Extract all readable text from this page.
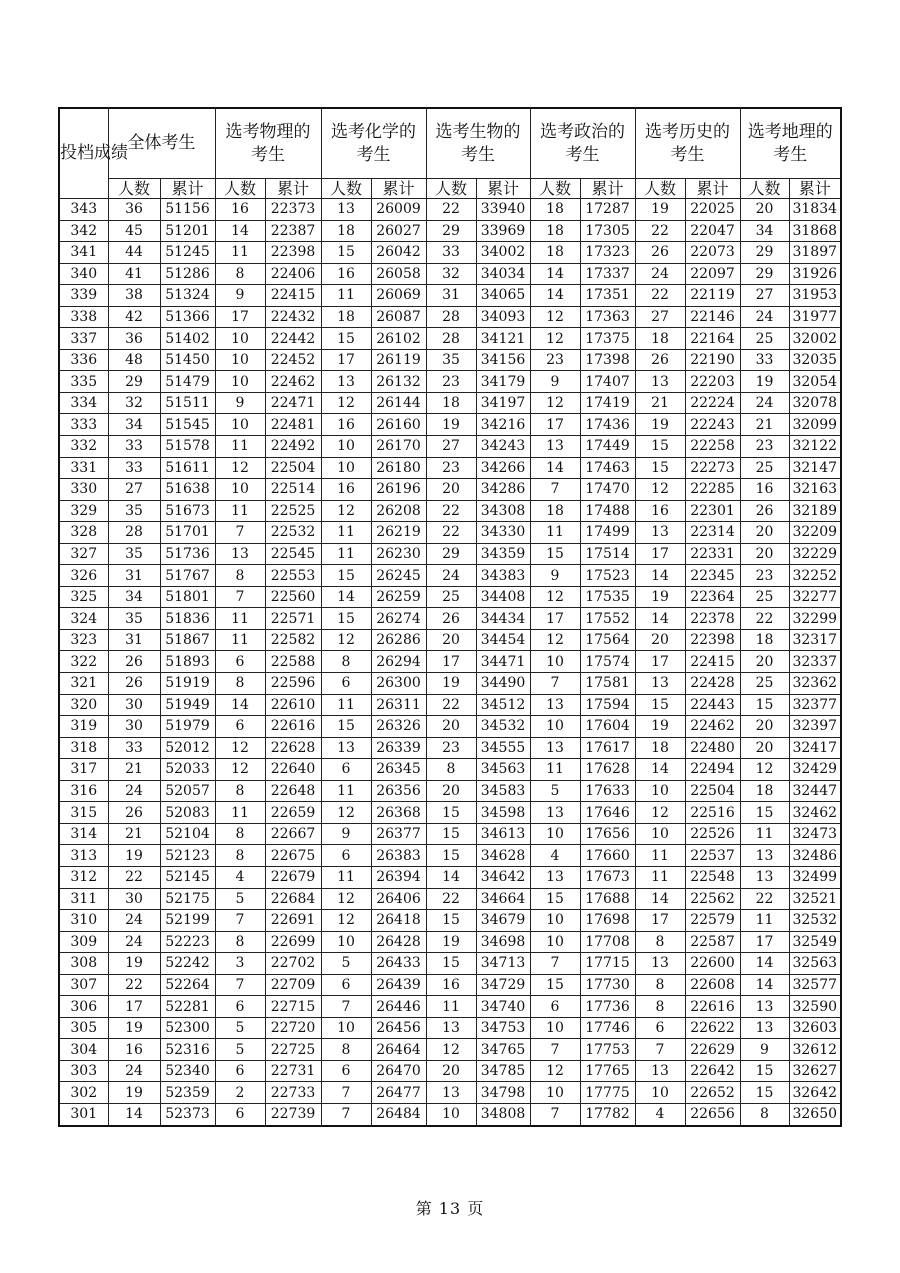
投档成绩	全体考生		选考物理的考生		选考化学的考生		选考生物的考生		选考政治的考生		选考历史的考生		选考地理的考生	

	人数	累计	人数	累计	人数	累计	人数	累计	人数	累计	人数	累计	人数	累计
343	36	51156	16	22373	13	26009	22	33940	18	17287	19	22025	20	31834
342	45	51201	14	22387	18	26027	29	33969	18	17305	22	22047	34	31868
341	44	51245	11	22398	15	26042	33	34002	18	17323	26	22073	29	31897
340	41	51286	8	22406	16	26058	32	34034	14	17337	24	22097	29	31926
339	38	51324	9	22415	11	26069	31	34065	14	17351	22	22119	27	31953
338	42	51366	17	22432	18	26087	28	34093	12	17363	27	22146	24	31977
337	36	51402	10	22442	15	26102	28	34121	12	17375	18	22164	25	32002
336	48	51450	10	22452	17	26119	35	34156	23	17398	26	22190	33	32035
335	29	51479	10	22462	13	26132	23	34179	9	17407	13	22203	19	32054
334	32	51511	9	22471	12	26144	18	34197	12	17419	21	22224	24	32078
333	34	51545	10	22481	16	26160	19	34216	17	17436	19	22243	21	32099
332	33	51578	11	22492	10	26170	27	34243	13	17449	15	22258	23	32122
331	33	51611	12	22504	10	26180	23	34266	14	17463	15	22273	25	32147
330	27	51638	10	22514	16	26196	20	34286	7	17470	12	22285	16	32163
329	35	51673	11	22525	12	26208	22	34308	18	17488	16	22301	26	32189
328	28	51701	7	22532	11	26219	22	34330	11	17499	13	22314	20	32209
327	35	51736	13	22545	11	26230	29	34359	15	17514	17	22331	20	32229
326	31	51767	8	22553	15	26245	24	34383	9	17523	14	22345	23	32252
325	34	51801	7	22560	14	26259	25	34408	12	17535	19	22364	25	32277
324	35	51836	11	22571	15	26274	26	34434	17	17552	14	22378	22	32299
323	31	51867	11	22582	12	26286	20	34454	12	17564	20	22398	18	32317
322	26	51893	6	22588	8	26294	17	34471	10	17574	17	22415	20	32337
321	26	51919	8	22596	6	26300	19	34490	7	17581	13	22428	25	32362
320	30	51949	14	22610	11	26311	22	34512	13	17594	15	22443	15	32377
319	30	51979	6	22616	15	26326	20	34532	10	17604	19	22462	20	32397
318	33	52012	12	22628	13	26339	23	34555	13	17617	18	22480	20	32417
317	21	52033	12	22640	6	26345	8	34563	11	17628	14	22494	12	32429
316	24	52057	8	22648	11	26356	20	34583	5	17633	10	22504	18	32447
315	26	52083	11	22659	12	26368	15	34598	13	17646	12	22516	15	32462
314	21	52104	8	22667	9	26377	15	34613	10	17656	10	22526	11	32473
313	19	52123	8	22675	6	26383	15	34628	4	17660	11	22537	13	32486
312	22	52145	4	22679	11	26394	14	34642	13	17673	11	22548	13	32499
311	30	52175	5	22684	12	26406	22	34664	15	17688	14	22562	22	32521
310	24	52199	7	22691	12	26418	15	34679	10	17698	17	22579	11	32532
309	24	52223	8	22699	10	26428	19	34698	10	17708	8	22587	17	32549
308	19	52242	3	22702	5	26433	15	34713	7	17715	13	22600	14	32563
307	22	52264	7	22709	6	26439	16	34729	15	17730	8	22608	14	32577
306	17	52281	6	22715	7	26446	11	34740	6	17736	8	22616	13	32590
305	19	52300	5	22720	10	26456	13	34753	10	17746	6	22622	13	32603
304	16	52316	5	22725	8	26464	12	34765	7	17753	7	22629	9	32612
303	24	52340	6	22731	6	26470	20	34785	12	17765	13	22642	15	32627
302	19	52359	2	22733	7	26477	13	34798	10	17775	10	22652	15	32642
301	14	52373	6	22739	7	26484	10	34808	7	17782	4	22656	8	32650
第 13 页
